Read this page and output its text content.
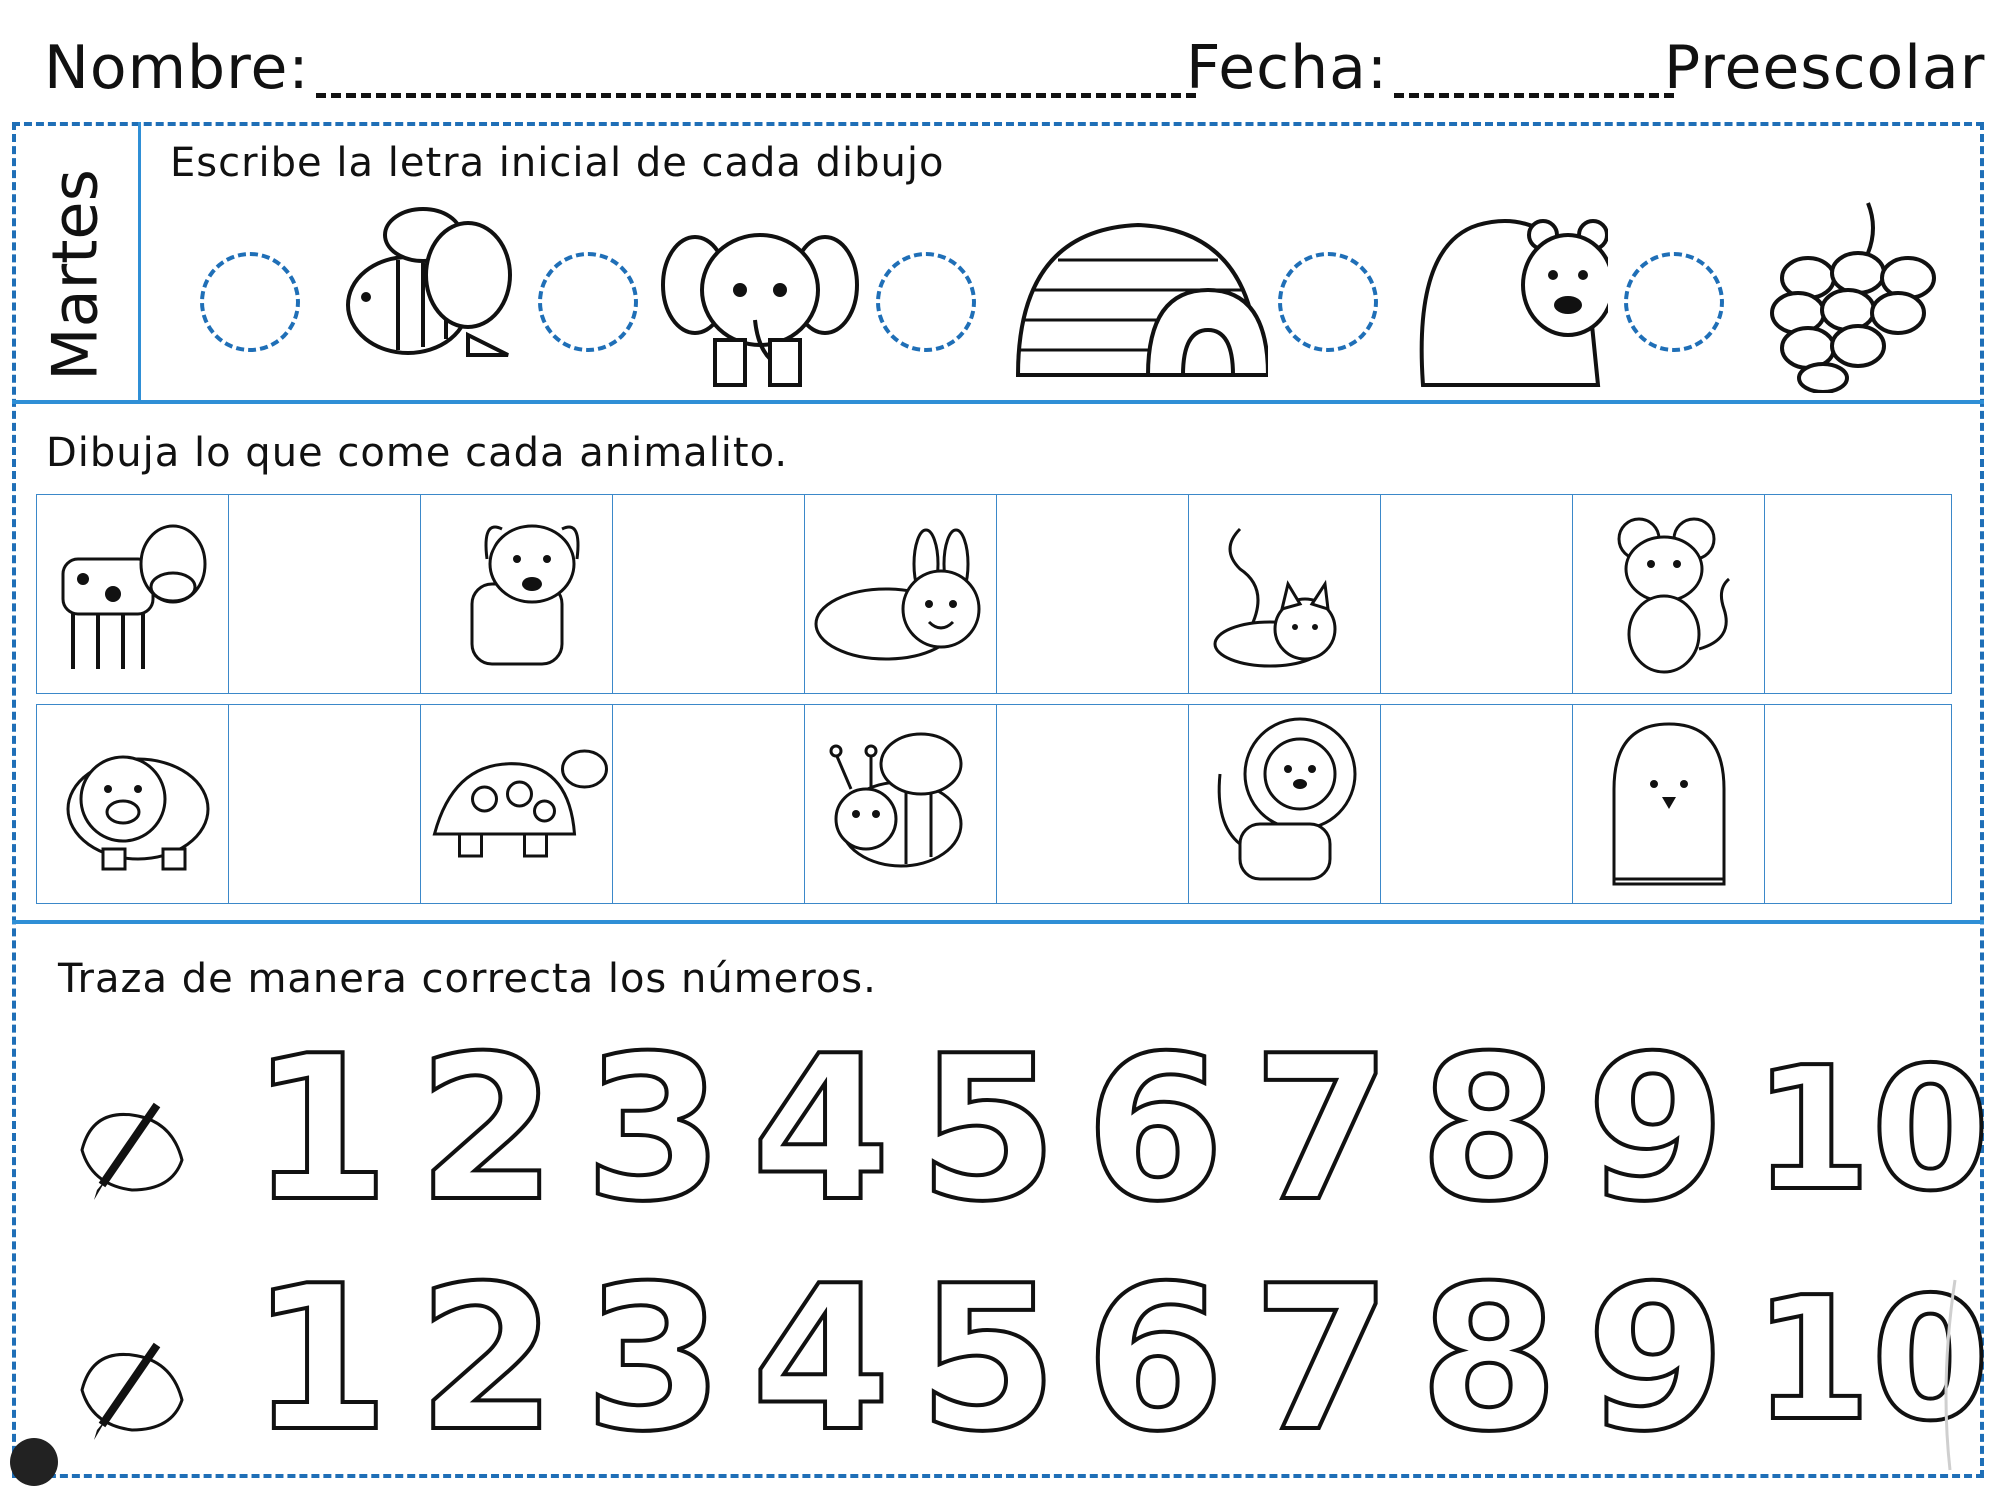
Nombre:	Fecha:	Preescolar
Martes
Escribe la letra inicial de cada dibujo
Dibuja lo que come cada animalito.
Traza de manera correcta los números.
1 2 3 4 5 6 7 8 9 10
1 2 3 4 5 6 7 8 9 10
